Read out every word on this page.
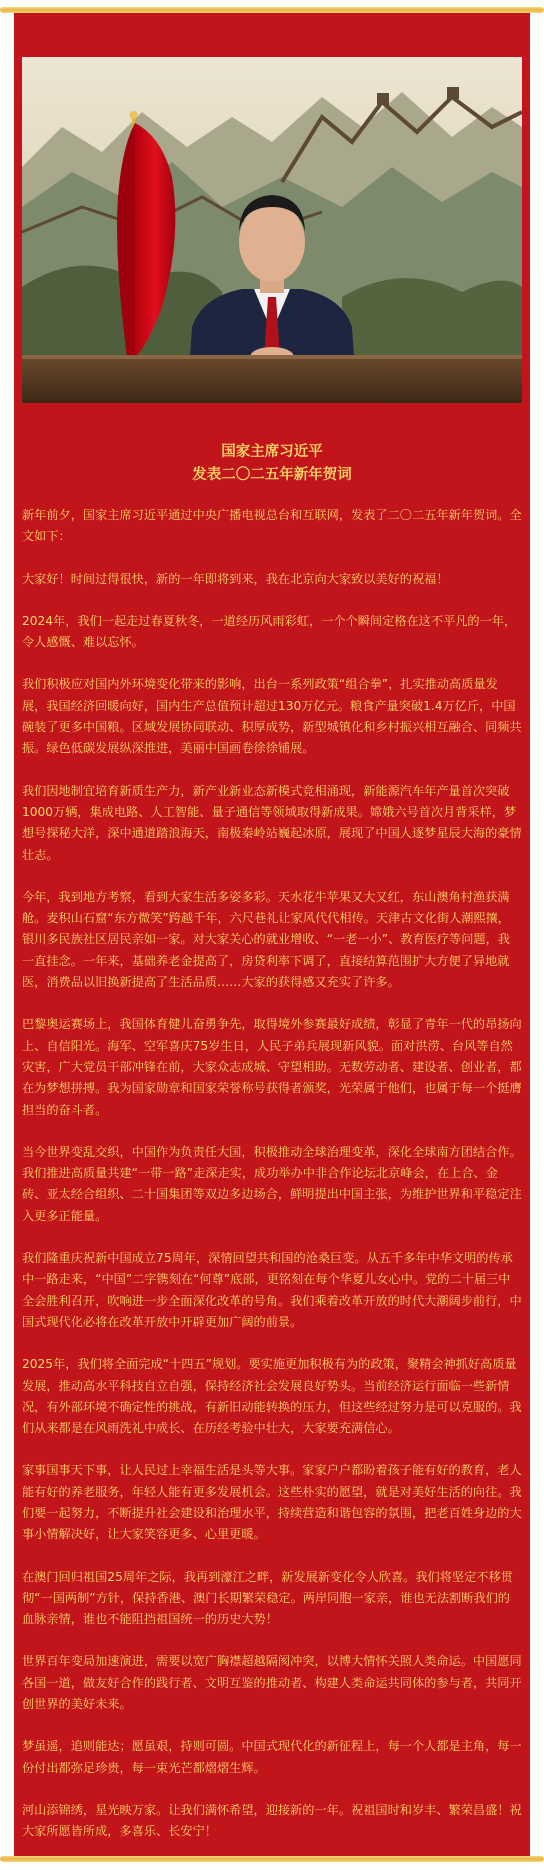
国家主席习近平
发表二〇二五年新年贺词

新年前夕，国家主席习近平通过中央广播电视总台和互联网，发表了二〇二五年新年贺词。全文如下：

大家好！时间过得很快，新的一年即将到来，我在北京向大家致以美好的祝福！

2024年，我们一起走过春夏秋冬，一道经历风雨彩虹，一个个瞬间定格在这不平凡的一年，令人感慨、难以忘怀。

我们积极应对国内外环境变化带来的影响，出台一系列政策“组合拳”，扎实推动高质量发展，我国经济回暖向好，国内生产总值预计超过130万亿元。粮食产量突破1.4万亿斤，中国碗装了更多中国粮。区域发展协同联动、积厚成势，新型城镇化和乡村振兴相互融合、同频共振。绿色低碳发展纵深推进，美丽中国画卷徐徐铺展。

我们因地制宜培育新质生产力，新产业新业态新模式竞相涌现，新能源汽车年产量首次突破1000万辆，集成电路、人工智能、量子通信等领域取得新成果。嫦娥六号首次月背采样，梦想号探秘大洋，深中通道踏浪海天，南极秦岭站巍起冰原，展现了中国人逐梦星辰大海的豪情壮志。

今年，我到地方考察，看到大家生活多姿多彩。天水花牛苹果又大又红，东山澳角村渔获满舱。麦积山石窟“东方微笑”跨越千年，六尺巷礼让家风代代相传。天津古文化街人潮熙攘，银川多民族社区居民亲如一家。对大家关心的就业增收、“一老一小”、教育医疗等问题，我一直挂念。一年来，基础养老金提高了，房贷利率下调了，直接结算范围扩大方便了异地就医，消费品以旧换新提高了生活品质……大家的获得感又充实了许多。

巴黎奥运赛场上，我国体育健儿奋勇争先，取得境外参赛最好成绩，彰显了青年一代的昂扬向上、自信阳光。海军、空军喜庆75岁生日，人民子弟兵展现新风貌。面对洪涝、台风等自然灾害，广大党员干部冲锋在前，大家众志成城、守望相助。无数劳动者、建设者、创业者，都在为梦想拼搏。我为国家勋章和国家荣誉称号获得者颁奖，光荣属于他们，也属于每一个挺膺担当的奋斗者。

当今世界变乱交织，中国作为负责任大国，积极推动全球治理变革，深化全球南方团结合作。我们推进高质量共建“一带一路”走深走实，成功举办中非合作论坛北京峰会，在上合、金砖、亚太经合组织、二十国集团等双边多边场合，鲜明提出中国主张，为维护世界和平稳定注入更多正能量。

我们隆重庆祝新中国成立75周年，深情回望共和国的沧桑巨变。从五千多年中华文明的传承中一路走来，“中国”二字镌刻在“何尊”底部，更铭刻在每个华夏儿女心中。党的二十届三中全会胜利召开，吹响进一步全面深化改革的号角。我们乘着改革开放的时代大潮阔步前行，中国式现代化必将在改革开放中开辟更加广阔的前景。

2025年，我们将全面完成“十四五”规划。要实施更加积极有为的政策，聚精会神抓好高质量发展，推动高水平科技自立自强，保持经济社会发展良好势头。当前经济运行面临一些新情况，有外部环境不确定性的挑战，有新旧动能转换的压力，但这些经过努力是可以克服的。我们从来都是在风雨洗礼中成长、在历经考验中壮大，大家要充满信心。

家事国事天下事，让人民过上幸福生活是头等大事。家家户户都盼着孩子能有好的教育，老人能有好的养老服务，年轻人能有更多发展机会。这些朴实的愿望，就是对美好生活的向往。我们要一起努力，不断提升社会建设和治理水平，持续营造和谐包容的氛围，把老百姓身边的大事小情解决好，让大家笑容更多、心里更暖。

在澳门回归祖国25周年之际，我再到濠江之畔，新发展新变化令人欣喜。我们将坚定不移贯彻“一国两制”方针，保持香港、澳门长期繁荣稳定。两岸同胞一家亲，谁也无法割断我们的血脉亲情，谁也不能阻挡祖国统一的历史大势！

世界百年变局加速演进，需要以宽广胸襟超越隔阂冲突，以博大情怀关照人类命运。中国愿同各国一道，做友好合作的践行者、文明互鉴的推动者、构建人类命运共同体的参与者，共同开创世界的美好未来。

梦虽遥，追则能达；愿虽艰，持则可圆。中国式现代化的新征程上，每一个人都是主角，每一份付出都弥足珍贵，每一束光芒都熠熠生辉。

河山添锦绣，星光映万家。让我们满怀希望，迎接新的一年。祝祖国时和岁丰、繁荣昌盛！祝大家所愿皆所成，多喜乐、长安宁！
